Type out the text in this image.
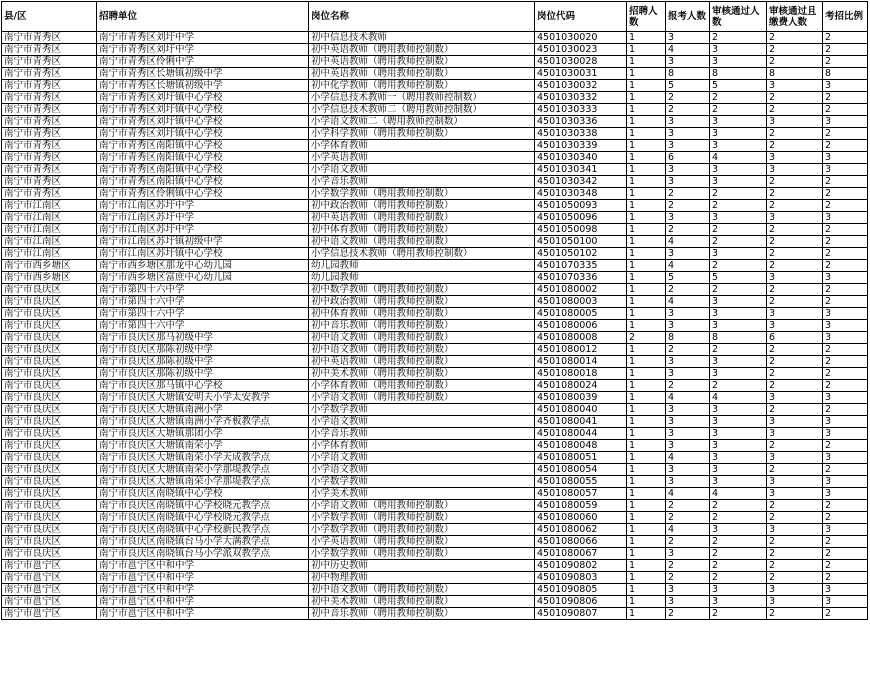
县/区	招聘单位	岗位名称	岗位代码	招聘人数	报考人数	审核通过人数	审核通过且缴费人数	考招比例
南宁市青秀区	南宁市青秀区刘圩中学	初中信息技术教师	4501030020	1	3	2	2	2
南宁市青秀区	南宁市青秀区刘圩中学	初中英语教师（聘用教师控制数）	4501030023	1	4	3	2	2
南宁市青秀区	南宁市青秀区伶俐中学	初中英语教师（聘用教师控制数）	4501030028	1	3	3	2	2
南宁市青秀区	南宁市青秀区长塘镇初级中学	初中英语教师（聘用教师控制数）	4501030031	1	8	8	8	8
南宁市青秀区	南宁市青秀区长塘镇初级中学	初中化学教师（聘用教师控制数）	4501030032	1	5	5	3	3
南宁市青秀区	南宁市青秀区刘圩镇中心学校	小学信息技术教师一（聘用教师控制数）	4501030332	1	2	2	2	2
南宁市青秀区	南宁市青秀区刘圩镇中心学校	小学信息技术教师二（聘用教师控制数）	4501030333	1	2	2	2	2
南宁市青秀区	南宁市青秀区刘圩镇中心学校	小学语文教师二（聘用教师控制数）	4501030336	1	3	3	3	3
南宁市青秀区	南宁市青秀区刘圩镇中心学校	小学科学教师（聘用教师控制数）	4501030338	1	3	3	2	2
南宁市青秀区	南宁市青秀区南阳镇中心学校	小学体育教师	4501030339	1	3	3	2	2
南宁市青秀区	南宁市青秀区南阳镇中心学校	小学英语教师	4501030340	1	6	4	3	3
南宁市青秀区	南宁市青秀区南阳镇中心学校	小学语文教师	4501030341	1	3	3	3	3
南宁市青秀区	南宁市青秀区南阳镇中心学校	小学音乐教师	4501030342	1	3	3	2	2
南宁市青秀区	南宁市青秀区伶俐镇中心学校	小学数学教师（聘用教师控制数）	4501030348	1	2	2	2	2
南宁市江南区	南宁市江南区苏圩中学	初中政治教师（聘用教师控制数）	4501050093	1	2	2	2	2
南宁市江南区	南宁市江南区苏圩中学	初中英语教师（聘用教师控制数）	4501050096	1	3	3	3	3
南宁市江南区	南宁市江南区苏圩中学	初中体育教师（聘用教师控制数）	4501050098	1	2	2	2	2
南宁市江南区	南宁市江南区苏圩镇初级中学	初中语文教师（聘用教师控制数）	4501050100	1	4	2	2	2
南宁市江南区	南宁市江南区苏圩镇中心学校	小学信息技术教师（聘用教师控制数）	4501050102	1	3	3	2	2
南宁市西乡塘区	南宁市西乡塘区那龙中心幼儿园	幼儿园教师	4501070335	1	4	2	2	2
南宁市西乡塘区	南宁市西乡塘区富庶中心幼儿园	幼儿园教师	4501070336	1	5	5	3	3
南宁市良庆区	南宁市第四十六中学	初中数学教师（聘用教师控制数）	4501080002	1	2	2	2	2
南宁市良庆区	南宁市第四十六中学	初中政治教师（聘用教师控制数）	4501080003	1	4	3	2	2
南宁市良庆区	南宁市第四十六中学	初中体育教师（聘用教师控制数）	4501080005	1	3	3	3	3
南宁市良庆区	南宁市第四十六中学	初中音乐教师（聘用教师控制数）	4501080006	1	3	3	3	3
南宁市良庆区	南宁市良庆区那马初级中学	初中语文教师（聘用教师控制数）	4501080008	2	8	8	6	3
南宁市良庆区	南宁市良庆区那陈初级中学	初中语文教师（聘用教师控制数）	4501080012	1	2	2	2	2
南宁市良庆区	南宁市良庆区那陈初级中学	初中英语教师（聘用教师控制数）	4501080014	1	3	3	2	2
南宁市良庆区	南宁市良庆区那陈初级中学	初中美术教师（聘用教师控制数）	4501080018	1	3	3	2	2
南宁市良庆区	南宁市良庆区那马镇中心学校	小学体育教师（聘用教师控制数）	4501080024	1	2	2	2	2
南宁市良庆区	南宁市良庆区大塘镇安明夫小学太安教学	小学语文教师（聘用教师控制数）	4501080039	1	4	4	3	3
南宁市良庆区	南宁市良庆区大塘镇南洲小学	小学数学教师	4501080040	1	3	3	2	2
南宁市良庆区	南宁市良庆区大塘镇南洲小学齐板教学点	小学语文教师	4501080041	1	3	3	3	3
南宁市良庆区	南宁市良庆区大塘镇那团小学	小学音乐教师	4501080044	1	3	3	3	3
南宁市良庆区	南宁市良庆区大塘镇南荣小学	小学体育教师	4501080048	1	3	3	2	2
南宁市良庆区	南宁市良庆区大塘镇南荣小学天成教学点	小学语文教师	4501080051	1	4	3	3	3
南宁市良庆区	南宁市良庆区大塘镇南荣小学那堤教学点	小学语文教师	4501080054	1	3	3	2	2
南宁市良庆区	南宁市良庆区大塘镇南荣小学那堤教学点	小学数学教师	4501080055	1	3	3	3	3
南宁市良庆区	南宁市良庆区南晓镇中心学校	小学美术教师	4501080057	1	4	4	3	3
南宁市良庆区	南宁市良庆区南晓镇中心学校晓元教学点	小学语文教师（聘用教师控制数）	4501080059	1	2	2	2	2
南宁市良庆区	南宁市良庆区南晓镇中心学校晓元教学点	小学数学教师（聘用教师控制数）	4501080060	1	2	2	2	2
南宁市良庆区	南宁市良庆区南晓镇中心学校新民教学点	小学数学教师（聘用教师控制数）	4501080062	1	4	3	3	3
南宁市良庆区	南宁市良庆区南晓镇台马小学大满教学点	小学英语教师（聘用教师控制数）	4501080066	1	2	2	2	2
南宁市良庆区	南宁市良庆区南晓镇台马小学派双教学点	小学数学教师（聘用教师控制数）	4501080067	1	3	2	2	2
南宁市邕宁区	南宁市邕宁区中和中学	初中历史教师	4501090802	1	2	2	2	2
南宁市邕宁区	南宁市邕宁区中和中学	初中物理教师	4501090803	1	2	2	2	2
南宁市邕宁区	南宁市邕宁区中和中学	初中语文教师（聘用教师控制数）	4501090805	1	3	3	3	3
南宁市邕宁区	南宁市邕宁区中和中学	初中美术教师（聘用教师控制数）	4501090806	1	3	3	3	3
南宁市邕宁区	南宁市邕宁区中和中学	初中音乐教师（聘用教师控制数）	4501090807	1	2	2	2	2
